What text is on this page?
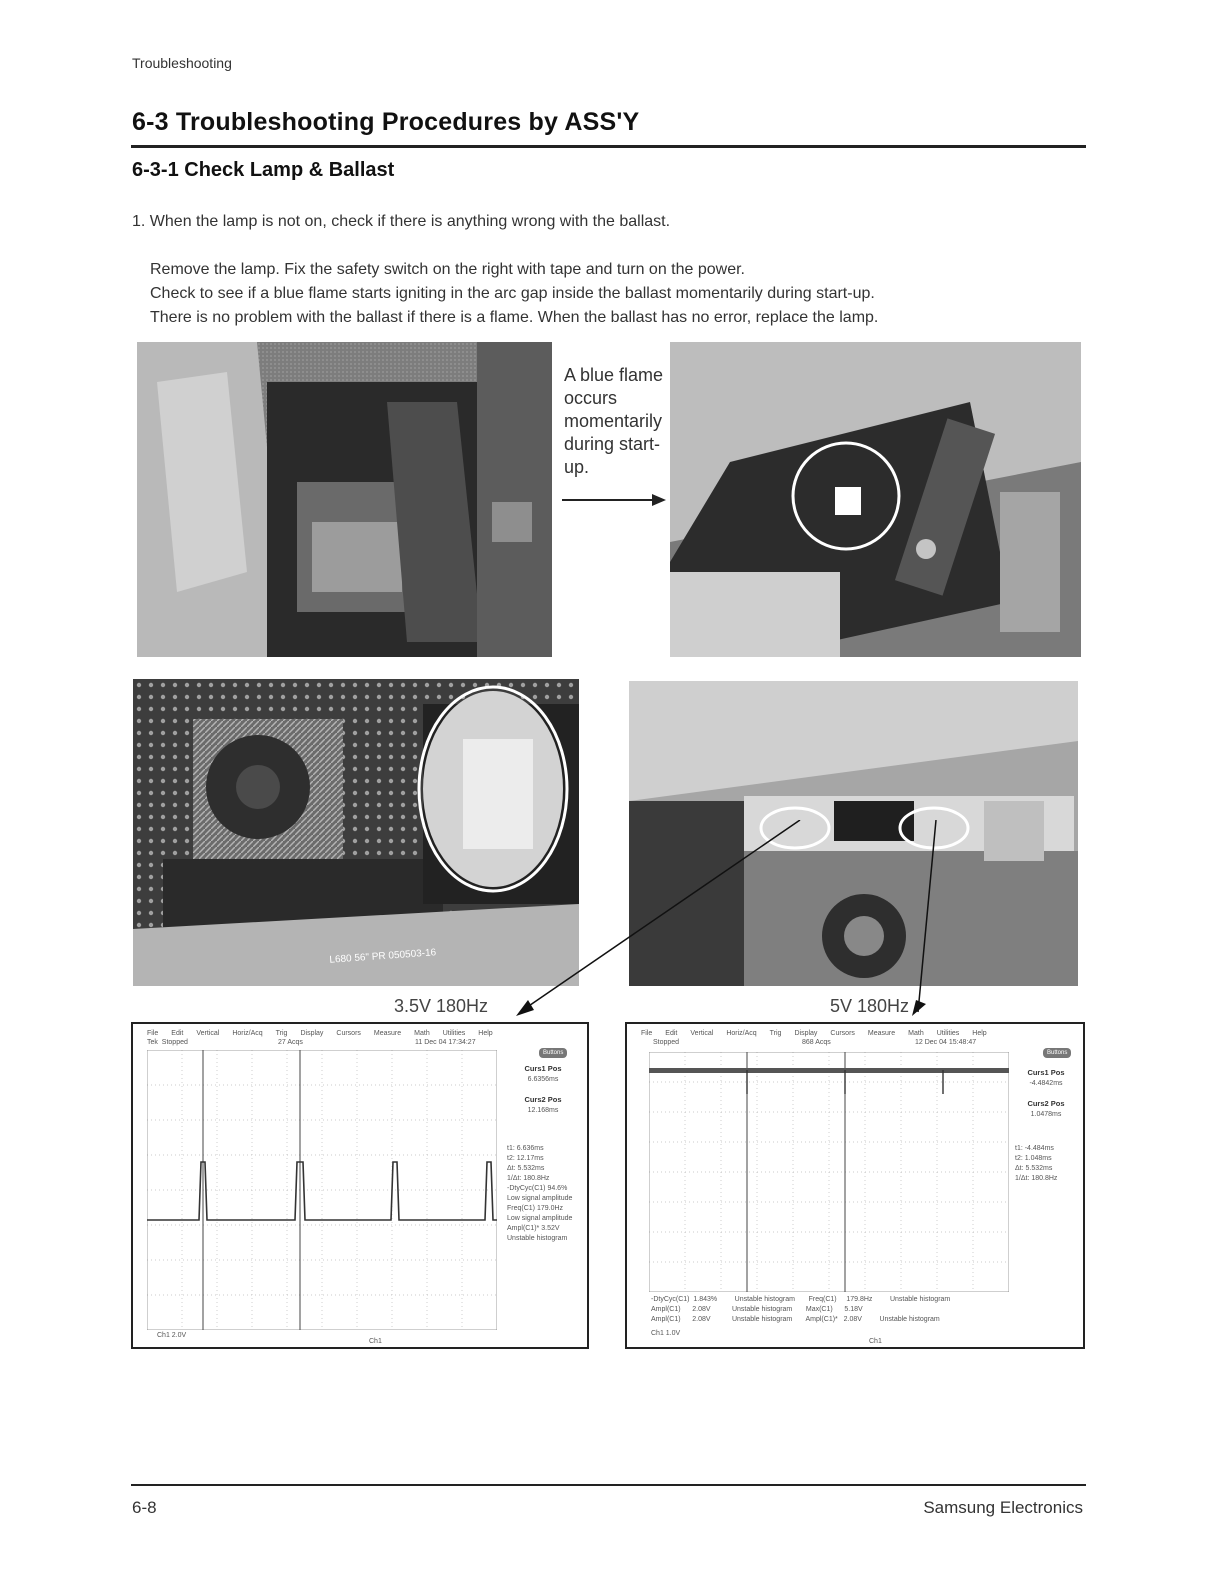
Troubleshooting
6-3 Troubleshooting Procedures by ASS'Y
6-3-1 Check Lamp & Ballast
1. When the lamp is not on, check if there is anything wrong with the ballast.
Remove the lamp. Fix the safety switch on the right with tape and turn on the power.
Check to see if a blue flame starts igniting in the arc gap inside the ballast momentarily during start-up.
There is no problem with the ballast if there is a flame. When the ballast has no error, replace the lamp.
A blue flame occurs momentarily during start-up.
L680 56" PR 050503-16
3.5V 180Hz	5V 180Hz
File Edit Vertical Horiz/Acq Trig Display Cursors Measure Math Utilities Help
Tek Stopped	27 Acqs	11 Dec 04 17:34:27
Buttons
Curs1 Pos
6.6356ms

Curs2 Pos
12.168ms
t1: 6.636ms
t2: 12.17ms
Δt: 5.532ms
1/Δt: 180.8Hz
-DtyCyc(C1) 94.6%
Low signal amplitude
Freq(C1) 179.0Hz
Low signal amplitude
Ampl(C1)* 3.52V
Unstable histogram
Ch1 2.0V
Ch1
File Edit Vertical Horiz/Acq Trig Display Cursors Measure Math Utilities Help
Stopped	868 Acqs	12 Dec 04 15:48:47
Buttons
Curs1 Pos
-4.4842ms

Curs2 Pos
1.0478ms
t1: -4.484ms
t2: 1.048ms
Δt: 5.532ms
1/Δt: 180.8Hz
-DtyCyc(C1) 1.843%	Unstable histogram Freq(C1) 179.8Hz	Unstable histogram
Ampl(C1) 2.08V	Unstable histogram Max(C1) 5.18V
Ampl(C1) 2.08V	Unstable histogram Ampl(C1)* 2.08V	Unstable histogram
Ch1 1.0V
Ch1
6-8	Samsung Electronics
